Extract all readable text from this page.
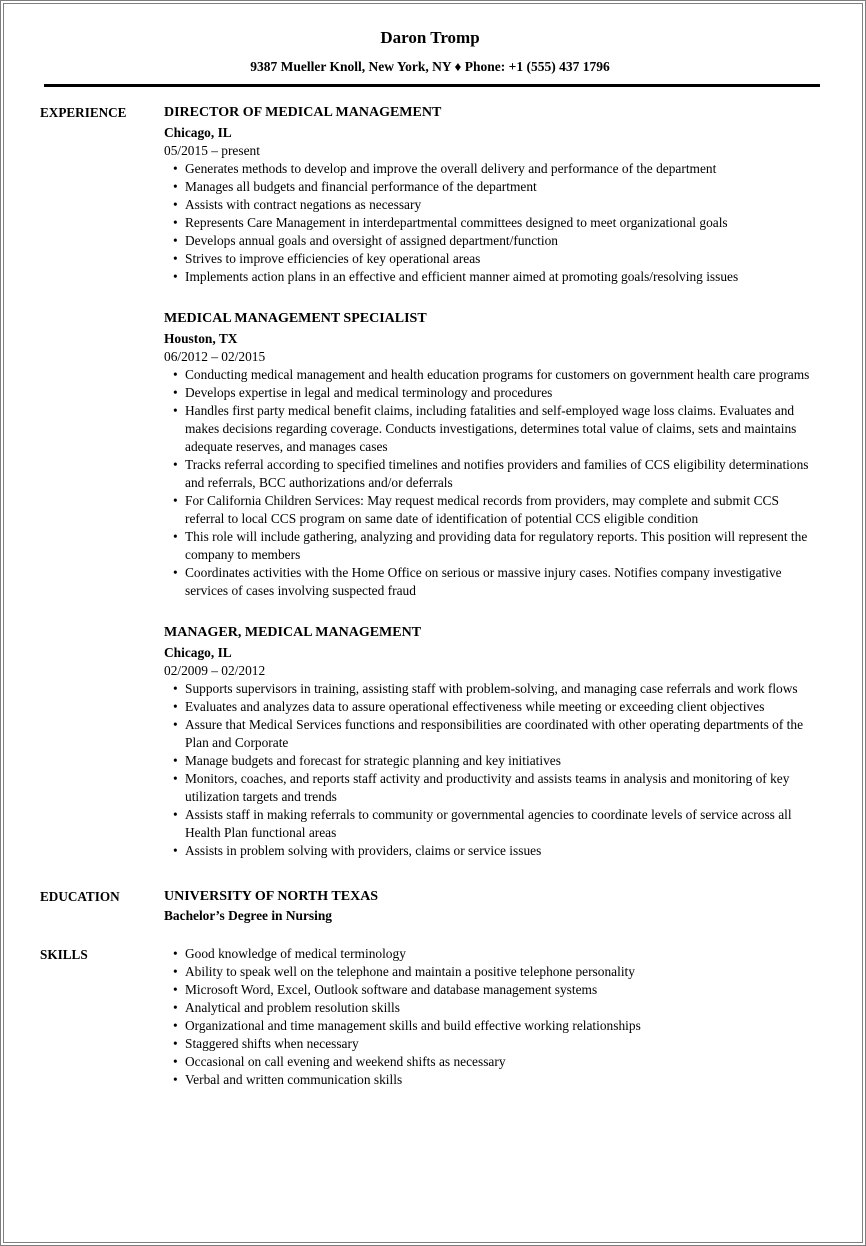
Daron Tromp
9387 Mueller Knoll, New York, NY ♦ Phone: +1 (555) 437 1796
EXPERIENCE	DIRECTOR OF MEDICAL MANAGEMENT
Chicago, IL
05/2015 – present
• Generates methods to develop and improve the overall delivery and performance of the department
• Manages all budgets and financial performance of the department
• Assists with contract negations as necessary
• Represents Care Management in interdepartmental committees designed to meet organizational goals
• Develops annual goals and oversight of assigned department/function
• Strives to improve efficiencies of key operational areas
• Implements action plans in an effective and efficient manner aimed at promoting goals/resolving issues
MEDICAL MANAGEMENT SPECIALIST
Houston, TX
06/2012 – 02/2015
• Conducting medical management and health education programs for customers on government health care programs
• Develops expertise in legal and medical terminology and procedures
• Handles first party medical benefit claims, including fatalities and self-employed wage loss claims. Evaluates and makes decisions regarding coverage. Conducts investigations, determines total value of claims, sets and maintains adequate reserves, and manages cases
• Tracks referral according to specified timelines and notifies providers and families of CCS eligibility determinations and referrals, BCC authorizations and/or deferrals
• For California Children Services: May request medical records from providers, may complete and submit CCS referral to local CCS program on same date of identification of potential CCS eligible condition
• This role will include gathering, analyzing and providing data for regulatory reports. This position will represent the company to members
• Coordinates activities with the Home Office on serious or massive injury cases. Notifies company investigative services of cases involving suspected fraud
MANAGER, MEDICAL MANAGEMENT
Chicago, IL
02/2009 – 02/2012
• Supports supervisors in training, assisting staff with problem-solving, and managing case referrals and work flows
• Evaluates and analyzes data to assure operational effectiveness while meeting or exceeding client objectives
• Assure that Medical Services functions and responsibilities are coordinated with other operating departments of the Plan and Corporate
• Manage budgets and forecast for strategic planning and key initiatives
• Monitors, coaches, and reports staff activity and productivity and assists teams in analysis and monitoring of key utilization targets and trends
• Assists staff in making referrals to community or governmental agencies to coordinate levels of service across all Health Plan functional areas
• Assists in problem solving with providers, claims or service issues
EDUCATION	UNIVERSITY OF NORTH TEXAS
Bachelor’s Degree in Nursing
SKILLS	• Good knowledge of medical terminology
• Ability to speak well on the telephone and maintain a positive telephone personality
• Microsoft Word, Excel, Outlook software and database management systems
• Analytical and problem resolution skills
• Organizational and time management skills and build effective working relationships
• Staggered shifts when necessary
• Occasional on call evening and weekend shifts as necessary
• Verbal and written communication skills
